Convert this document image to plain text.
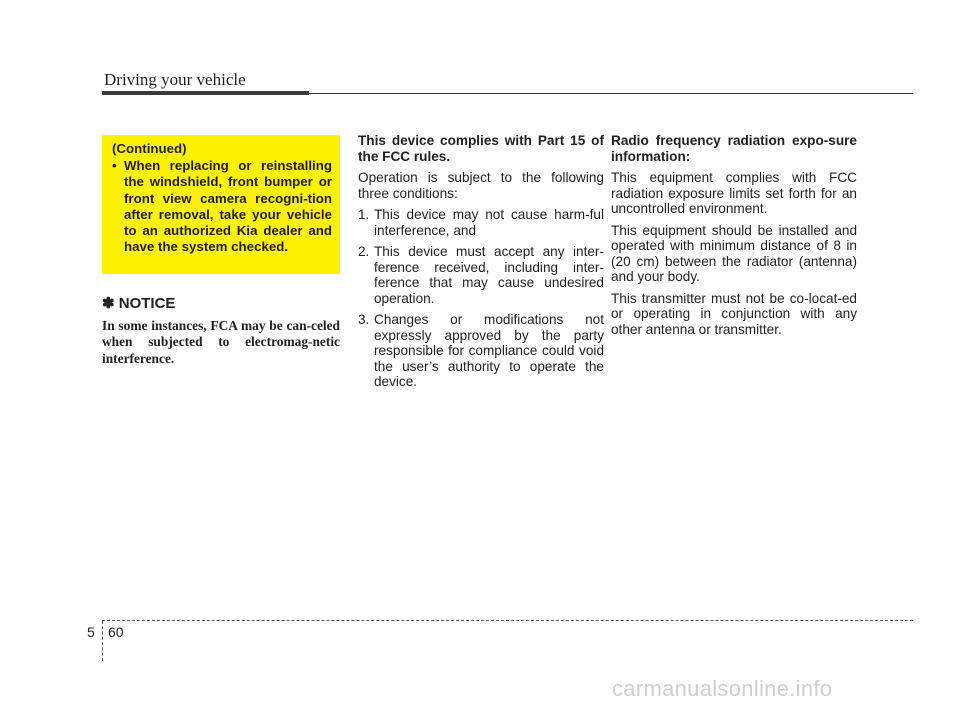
Driving your vehicle
(Continued)
• When replacing or reinstalling the windshield, front bumper or front view camera recogni-tion after removal, take your vehicle to an authorized Kia dealer and have the system checked.
✽ NOTICE
In some instances, FCA may be can-celed when subjected to electromag-netic interference.
This device complies with Part 15 of the FCC rules.

Operation is subject to the following three conditions:

1. This device may not cause harm-ful interference, and
2. This device must accept any inter-ference received, including inter-ference that may cause undesired operation.
3. Changes or modifications not expressly approved by the party responsible for compliance could void the user’s authority to operate the device.
Radio frequency radiation expo-sure information:

This equipment complies with FCC radiation exposure limits set forth for an uncontrolled environment.

This equipment should be installed and operated with minimum distance of 8 in (20 cm) between the radiator (antenna) and your body.

This transmitter must not be co-locat-ed or operating in conjunction with any other antenna or transmitter.

5 60
carmanualsonline.info
